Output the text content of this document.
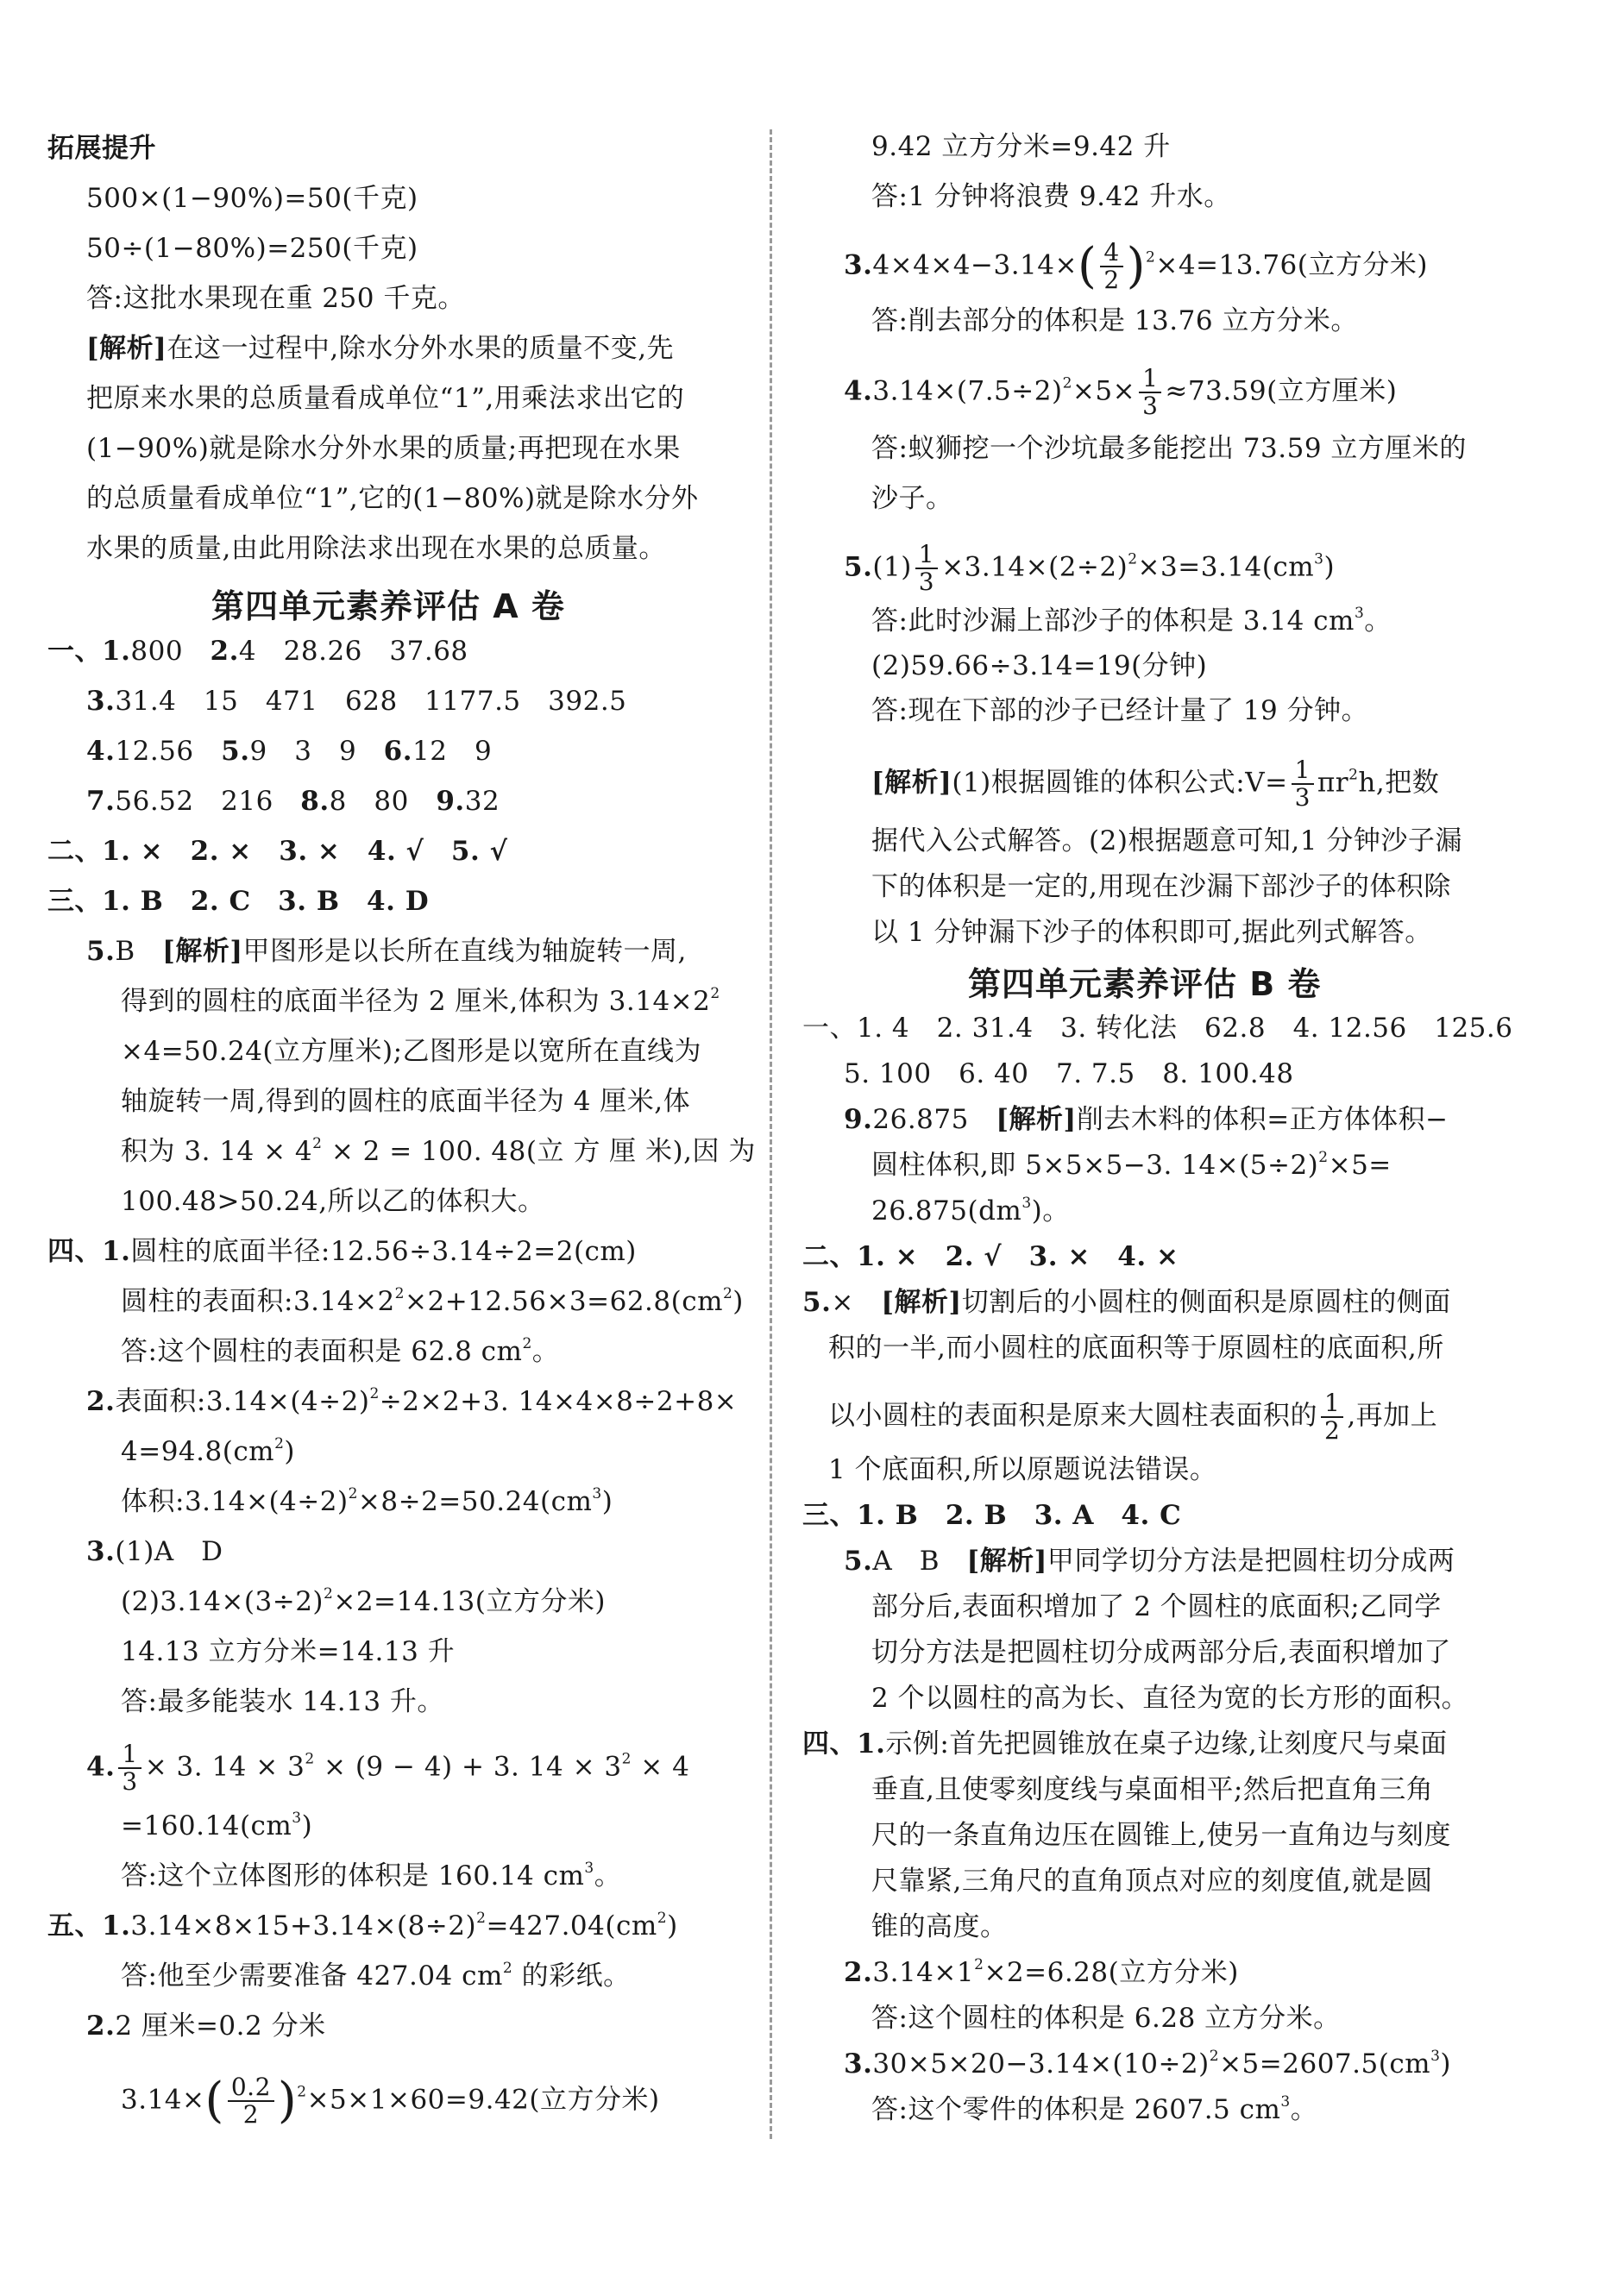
拓展提升
500×(1−90%)=50(千克)
50÷(1−80%)=250(千克)
答:这批水果现在重 250 千克。
[解析]在这一过程中,除水分外水果的质量不变,先
把原来水果的总质量看成单位“1”,用乘法求出它的
(1−90%)就是除水分外水果的质量;再把现在水果
的总质量看成单位“1”,它的(1−80%)就是除水分外
水果的质量,由此用除法求出现在水果的总质量。
第四单元素养评估 A 卷
一、1.800　 2.4　28.26　37.68
3.31.4　15　471　628　1177.5　392.5
4.12.56　 5.9　3　9　 6.12　9
7.56.52　216　 8.8　80　 9.32
二、1. ×　2. ×　3. ×　4. √　5. √
三、1. B　2. C　3. B　4. D
5.B　[解析]甲图形是以长所在直线为轴旋转一周,
得到的圆柱的底面半径为 2 厘米,体积为 $3.14\times 2^2$
×4=50.24(立方厘米);乙图形是以宽所在直线为
轴旋转一周,得到的圆柱的底面半径为 4 厘米,体
积为 3. $14 \times 4^2 \times 2 = 100$. 48(立 方 厘 米),因 为
100.48>50.24,所以乙的体积大。
四、1.圆柱的底面半径:12.56÷3.14÷2=2(cm)
圆柱的表面积$:3.14\times 2^2\times 2+12.56\times 3=62.8(cm^2)$
答:这个圆柱的表面积是 62.8 $cm^2$。
2.表面积$:3.14\times(4\div 2)^2\div 2\times 2+3$. 14×4×8÷2+8×
$4=94.8(cm^2)$
体积$:3.14\times(4\div 2)^2\times 8\div 2=50.24(cm^3)$
3.(1)A　D
$(2)3.14\times(3\div 2)^2\times 2=14.13$(立方分米)
14.13 立方分米=14.13 升
答:最多能装水 14.13 升。
4. $\frac{1}{3} \times 3$. $14 \times 3^2 \times (9 - 4) + 3$. $14 \times 3^2 \times 4$
$=160.14(cm^3)$
答:这个立体图形的体积是 160.14 $cm^3$。
五、$1.3.14\times 8\times 15+3.14\times(8\div 2)^2=427.04(cm^2)$
答:他至少需要准备 427.04 $cm^2$ 的彩纸。
2.2 厘米=0.2 分米
$3.14\times( \frac{0.2}{2} )^2\times 5\times 1\times 60=9.42$(立方分米)
9.42 立方分米=9.42 升
答:1 分钟将浪费 9.42 升水。
$3.4\times 4\times 4-3.14\times( \frac{4}{2} )^2\times 4=13.76$(立方分米)
答:削去部分的体积是 13.76 立方分米。
$4.3.14\times(7.5\div 2)^2\times 5\times \frac{1}{3} \approx 73.59$(立方厘米)
答:蚁狮挖一个沙坑最多能挖出 73.59 立方厘米的
沙子。
$5.(1) \frac{1}{3} \times 3.14\times(2\div 2)^2\times 3=3.14(cm^3)$
答:此时沙漏上部沙子的体积是 3.14 $cm^3$。
(2)59.66÷3.14=19(分钟)
答:现在下部的沙子已经计量了 19 分钟。
[解析](1)根据圆锥的体积公式:V= $\frac{1}{3} \pi r^2h$,把数
据代入公式解答。(2)根据题意可知,1 分钟沙子漏
下的体积是一定的,用现在沙漏下部沙子的体积除
以 1 分钟漏下沙子的体积即可,据此列式解答。
第四单元素养评估 B 卷
一、1. 4　2. 31.4　3. 转化法　62.8　4. 12.56　125.6
5. 100　6. 40　7. 7.5　8. 100.48
9.26.875　[解析]削去木料的体积=正方体体积−
圆柱体积,即 5×5×5−3. $14\times(5\div 2)^2\times 5=$
$26.875(dm^3)$。
二、1. ×　2. √　3. ×　4. ×
5.×　[解析]切割后的小圆柱的侧面积是原圆柱的侧面
积的一半,而小圆柱的底面积等于原圆柱的底面积,所
以小圆柱的表面积是原来大圆柱表面积的 $\frac{1}{2}$ ,再加上
1 个底面积,所以原题说法错误。
三、1. B　2. B　3. A　4. C
5.A　B　[解析]甲同学切分方法是把圆柱切分成两
部分后,表面积增加了 2 个圆柱的底面积;乙同学
切分方法是把圆柱切分成两部分后,表面积增加了
2 个以圆柱的高为长、直径为宽的长方形的面积。
四、1.示例:首先把圆锥放在桌子边缘,让刻度尺与桌面
垂直,且使零刻度线与桌面相平;然后把直角三角
尺的一条直角边压在圆锥上,使另一直角边与刻度
尺靠紧,三角尺的直角顶点对应的刻度值,就是圆
锥的高度。
$2.3.14\times 1^2\times 2=6.28$(立方分米)
答:这个圆柱的体积是 6.28 立方分米。
$3.30\times 5\times 20-3.14\times(10\div 2)^2\times 5=2607.5(cm^3)$
答:这个零件的体积是 2607.5 $cm^3$。
